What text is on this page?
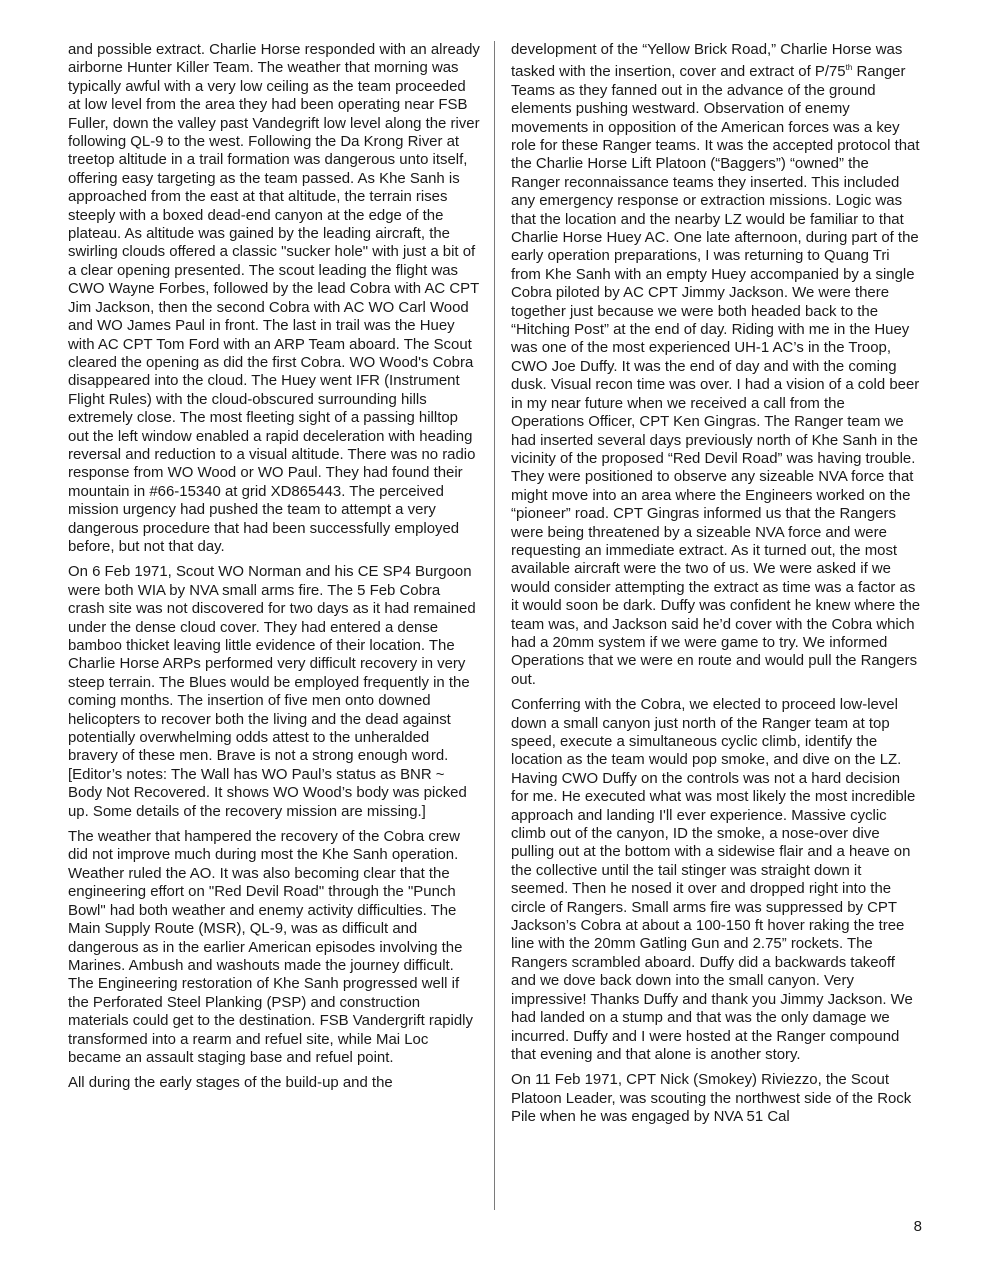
and possible extract. Charlie Horse responded with an already airborne Hunter Killer Team. The weather that morning was typically awful with a very low ceiling as the team proceeded at low level from the area they had been operating near FSB Fuller, down the valley past Vandegrift low level along the river following QL-9 to the west. Following the Da Krong River at treetop altitude in a trail formation was dangerous unto itself, offering easy targeting as the team passed. As Khe Sanh is approached from the east at that altitude, the terrain rises steeply with a boxed dead-end canyon at the edge of the plateau. As altitude was gained by the leading aircraft, the swirling clouds offered a classic "sucker hole" with just a bit of a clear opening presented. The scout leading the flight was CWO Wayne Forbes, followed by the lead Cobra with AC CPT Jim Jackson, then the second Cobra with AC WO Carl Wood and WO James Paul in front. The last in trail was the Huey with AC CPT Tom Ford with an ARP Team aboard. The Scout cleared the opening as did the first Cobra. WO Wood's Cobra disappeared into the cloud. The Huey went IFR (Instrument Flight Rules) with the cloud-obscured surrounding hills extremely close. The most fleeting sight of a passing hilltop out the left window enabled a rapid deceleration with heading reversal and reduction to a visual altitude. There was no radio response from WO Wood or WO Paul. They had found their mountain in #66-15340 at grid XD865443. The perceived mission urgency had pushed the team to attempt a very dangerous procedure that had been successfully employed before, but not that day.

On 6 Feb 1971, Scout WO Norman and his CE SP4 Burgoon were both WIA by NVA small arms fire. The 5 Feb Cobra crash site was not discovered for two days as it had remained under the dense cloud cover. They had entered a dense bamboo thicket leaving little evidence of their location. The Charlie Horse ARPs performed very difficult recovery in very steep terrain. The Blues would be employed frequently in the coming months. The insertion of five men onto downed helicopters to recover both the living and the dead against potentially overwhelming odds attest to the unheralded bravery of these men. Brave is not a strong enough word. [Editor’s notes: The Wall has WO Paul’s status as BNR ~ Body Not Recovered. It shows WO Wood’s body was picked up. Some details of the recovery mission are missing.]

The weather that hampered the recovery of the Cobra crew did not improve much during most the Khe Sanh operation. Weather ruled the AO. It was also becoming clear that the engineering effort on "Red Devil Road" through the "Punch Bowl" had both weather and enemy activity difficulties. The Main Supply Route (MSR), QL-9, was as difficult and dangerous as in the earlier American episodes involving the Marines. Ambush and washouts made the journey difficult. The Engineering restoration of Khe Sanh progressed well if the Perforated Steel Planking (PSP) and construction materials could get to the destination. FSB Vandergrift rapidly transformed into a rearm and refuel site, while Mai Loc became an assault staging base and refuel point.

All during the early stages of the build-up and the

development of the “Yellow Brick Road,” Charlie Horse was tasked with the insertion, cover and extract of P/75th Ranger Teams as they fanned out in the advance of the ground elements pushing westward. Observation of enemy movements in opposition of the American forces was a key role for these Ranger teams. It was the accepted protocol that the Charlie Horse Lift Platoon (“Baggers”) “owned” the Ranger reconnaissance teams they inserted. This included any emergency response or extraction missions. Logic was that the location and the nearby LZ would be familiar to that Charlie Horse Huey AC. One late afternoon, during part of the early operation preparations, I was returning to Quang Tri from Khe Sanh with an empty Huey accompanied by a single Cobra piloted by AC CPT Jimmy Jackson. We were there together just because we were both headed back to the “Hitching Post” at the end of day. Riding with me in the Huey was one of the most experienced UH-1 AC’s in the Troop, CWO Joe Duffy. It was the end of day and with the coming dusk. Visual recon time was over. I had a vision of a cold beer in my near future when we received a call from the Operations Officer, CPT Ken Gingras. The Ranger team we had inserted several days previously north of Khe Sanh in the vicinity of the proposed “Red Devil Road” was having trouble. They were positioned to observe any sizeable NVA force that might move into an area where the Engineers worked on the “pioneer” road. CPT Gingras informed us that the Rangers were being threatened by a sizeable NVA force and were requesting an immediate extract. As it turned out, the most available aircraft were the two of us. We were asked if we would consider attempting the extract as time was a factor as it would soon be dark. Duffy was confident he knew where the team was, and Jackson said he’d cover with the Cobra which had a 20mm system if we were game to try. We informed Operations that we were en route and would pull the Rangers out.

Conferring with the Cobra, we elected to proceed low-level down a small canyon just north of the Ranger team at top speed, execute a simultaneous cyclic climb, identify the location as the team would pop smoke, and dive on the LZ. Having CWO Duffy on the controls was not a hard decision for me. He executed what was most likely the most incredible approach and landing I'll ever experience. Massive cyclic climb out of the canyon, ID the smoke, a nose-over dive pulling out at the bottom with a sidewise flair and a heave on the collective until the tail stinger was straight down it seemed. Then he nosed it over and dropped right into the circle of Rangers. Small arms fire was suppressed by CPT Jackson’s Cobra at about a 100-150 ft hover raking the tree line with the 20mm Gatling Gun and 2.75” rockets. The Rangers scrambled aboard. Duffy did a backwards takeoff and we dove back down into the small canyon. Very impressive! Thanks Duffy and thank you Jimmy Jackson. We had landed on a stump and that was the only damage we incurred. Duffy and I were hosted at the Ranger compound that evening and that alone is another story.

On 11 Feb 1971, CPT Nick (Smokey) Riviezzo, the Scout Platoon Leader, was scouting the northwest side of the Rock Pile when he was engaged by NVA 51 Cal

8
